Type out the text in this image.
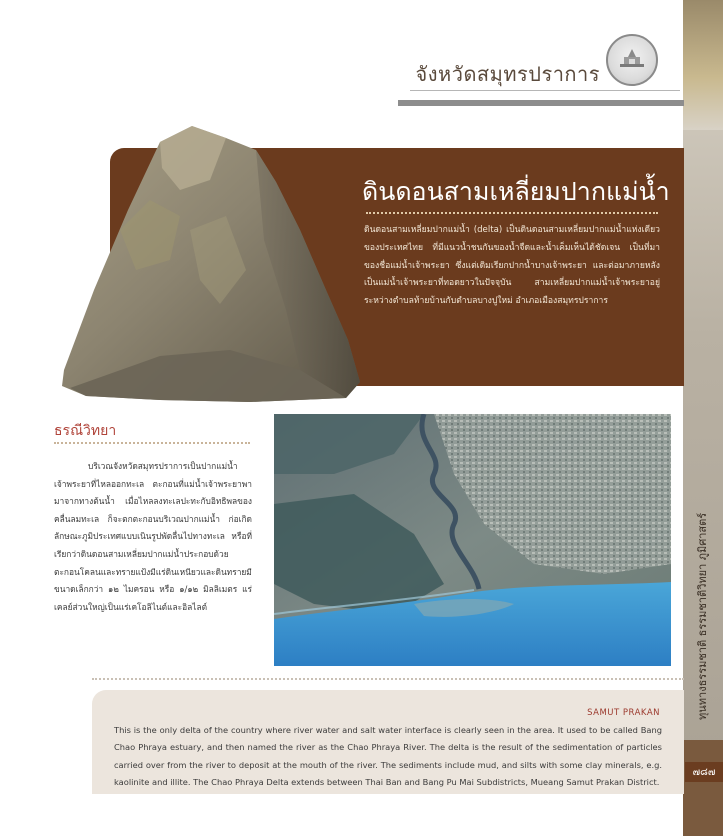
ทุนทางธรรมชาติ ธรรมชาติวิทยา ภูมิศาสตร์
๗๘๗
จังหวัดสมุทรปราการ
ดินดอนสามเหลี่ยมปากแม่น้ำ
ดินดอนสามเหลี่ยมปากแม่น้ำ (delta) เป็นดินดอนสามเหลี่ยมปากแม่น้ำแห่งเดียวของประเทศไทย ที่มีแนวน้ำชนกันของน้ำจืดและน้ำเค็มเห็นได้ชัดเจน เป็นที่มาของชื่อแม่น้ำเจ้าพระยา ซึ่งแต่เดิมเรียกปากน้ำบางเจ้าพระยา และต่อมาภายหลังเป็นแม่น้ำเจ้าพระยาที่ทอดยาวในปัจจุบัน สามเหลี่ยมปากแม่น้ำเจ้าพระยาอยู่ระหว่างตำบลท้ายบ้านกับตำบลบางปูใหม่ อำเภอเมืองสมุทรปราการ
ธรณีวิทยา
บริเวณจังหวัดสมุทรปราการเป็นปากแม่น้ำเจ้าพระยาที่ไหลออกทะเล ตะกอนที่แม่น้ำเจ้าพระยาพามาจากทางต้นน้ำ เมื่อไหลลงทะเลปะทะกับอิทธิพลของคลื่นลมทะเล ก็จะตกตะกอนบริเวณปากแม่น้ำ ก่อเกิดลักษณะภูมิประเทศแบบเนินรูปพัดลื่นไปทางทะเล หรือที่เรียกว่าดินดอนสามเหลี่ยมปากแม่น้ำประกอบด้วยตะกอนโคลนและทรายแป้งมีแร่ดินเหนียวและดินทรายมีขนาดเล็กกว่า ๑๒ ไมครอน หรือ ๑/๑๒ มิลลิเมตร แร่เคลย์ส่วนใหญ่เป็นแร่เคโอลิไนต์และอิลไลต์
SAMUT PRAKAN
This is the only delta of the country where river water and salt water interface is clearly seen in the area. It used to be called Bang Chao Phraya estuary, and then named the river as the Chao Phraya River. The delta is the result of the sedimentation of particles carried over from the river to deposit at the mouth of the river. The sediments include mud, and silts with some clay minerals, e.g. kaolinite and illite. The Chao Phraya Delta extends between Thai Ban and Bang Pu Mai Subdistricts, Mueang Samut Prakan District.
